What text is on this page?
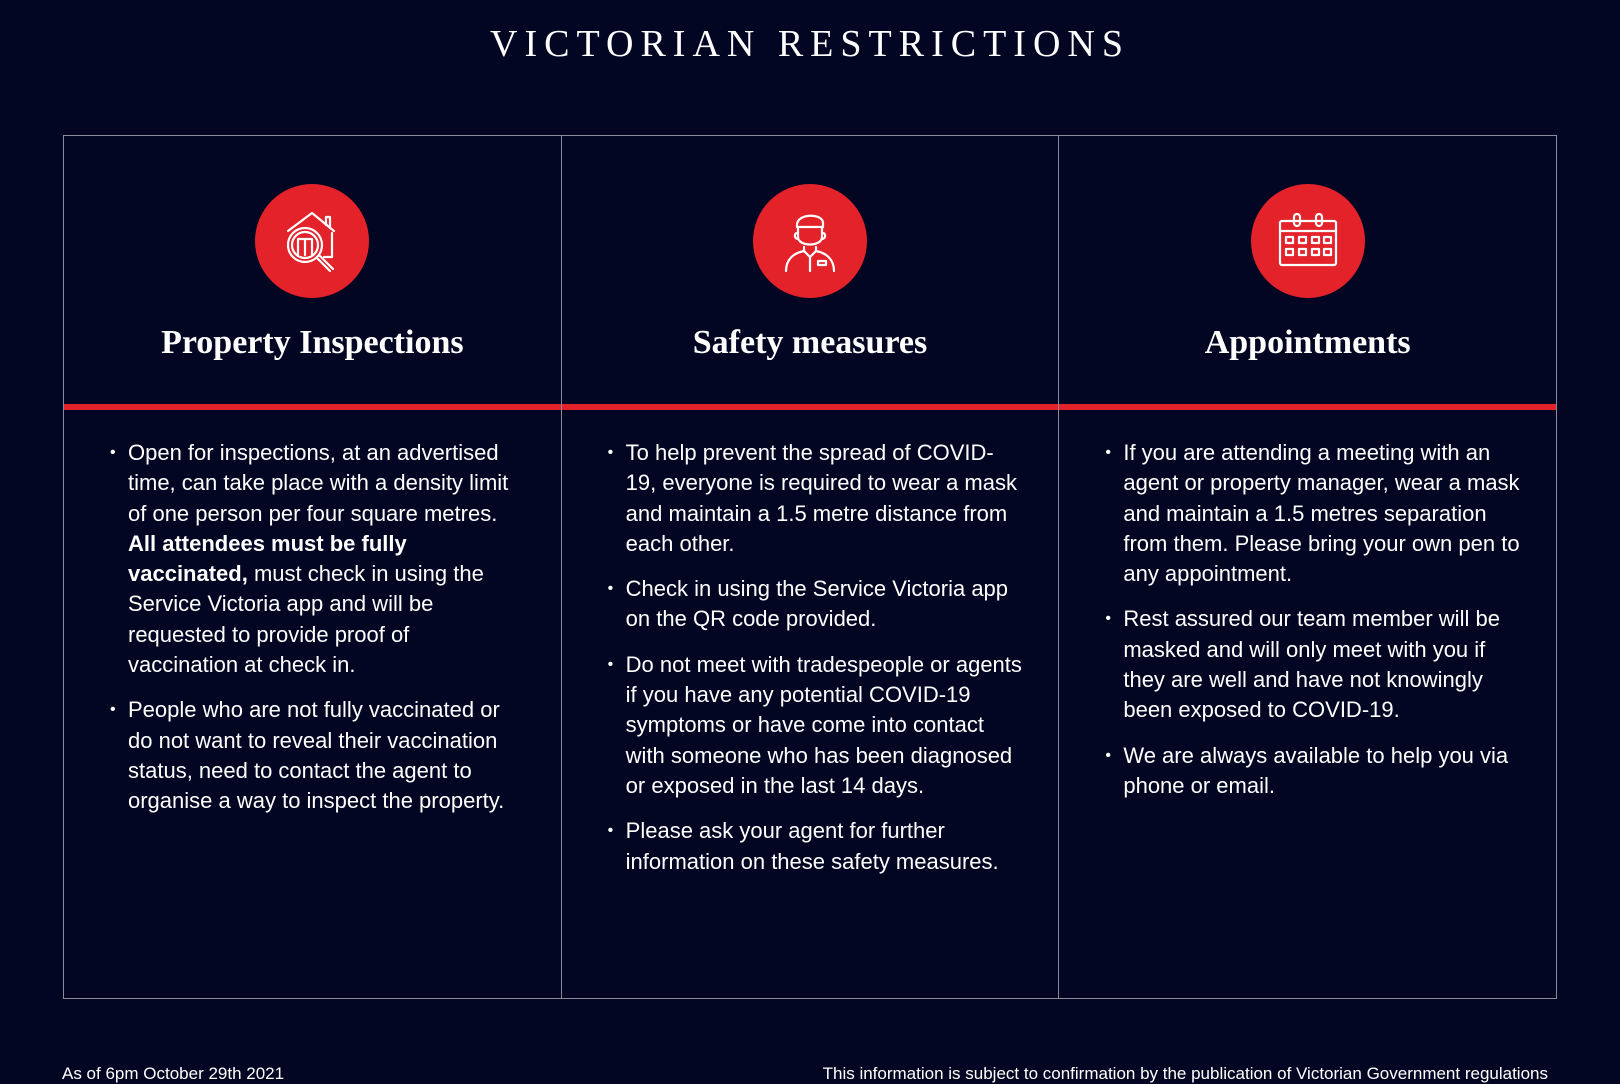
VICTORIAN RESTRICTIONS
Property Inspections
• Open for inspections, at an advertised time, can take place with a density limit of one person per four square metres. All attendees must be fully vaccinated, must check in using the Service Victoria app and will be requested to provide proof of vaccination at check in.
• People who are not fully vaccinated or do not want to reveal their vaccination status, need to contact the agent to organise a way to inspect the property.
Safety measures
• To help prevent the spread of COVID-19, everyone is required to wear a mask and maintain a 1.5 metre distance from each other.
• Check in using the Service Victoria app on the QR code provided.
• Do not meet with tradespeople or agents if you have any potential COVID-19 symptoms or have come into contact with someone who has been diagnosed or exposed in the last 14 days.
• Please ask your agent for further information on these safety measures.
Appointments
• If you are attending a meeting with an agent or property manager, wear a mask and maintain a 1.5 metres separation from them. Please bring your own pen to any appointment.
• Rest assured our team member will be masked and will only meet with you if they are well and have not knowingly been exposed to COVID-19.
• We are always available to help you via phone or email.
As of 6pm October 29th 2021	This information is subject to confirmation by the publication of Victorian Government regulations
